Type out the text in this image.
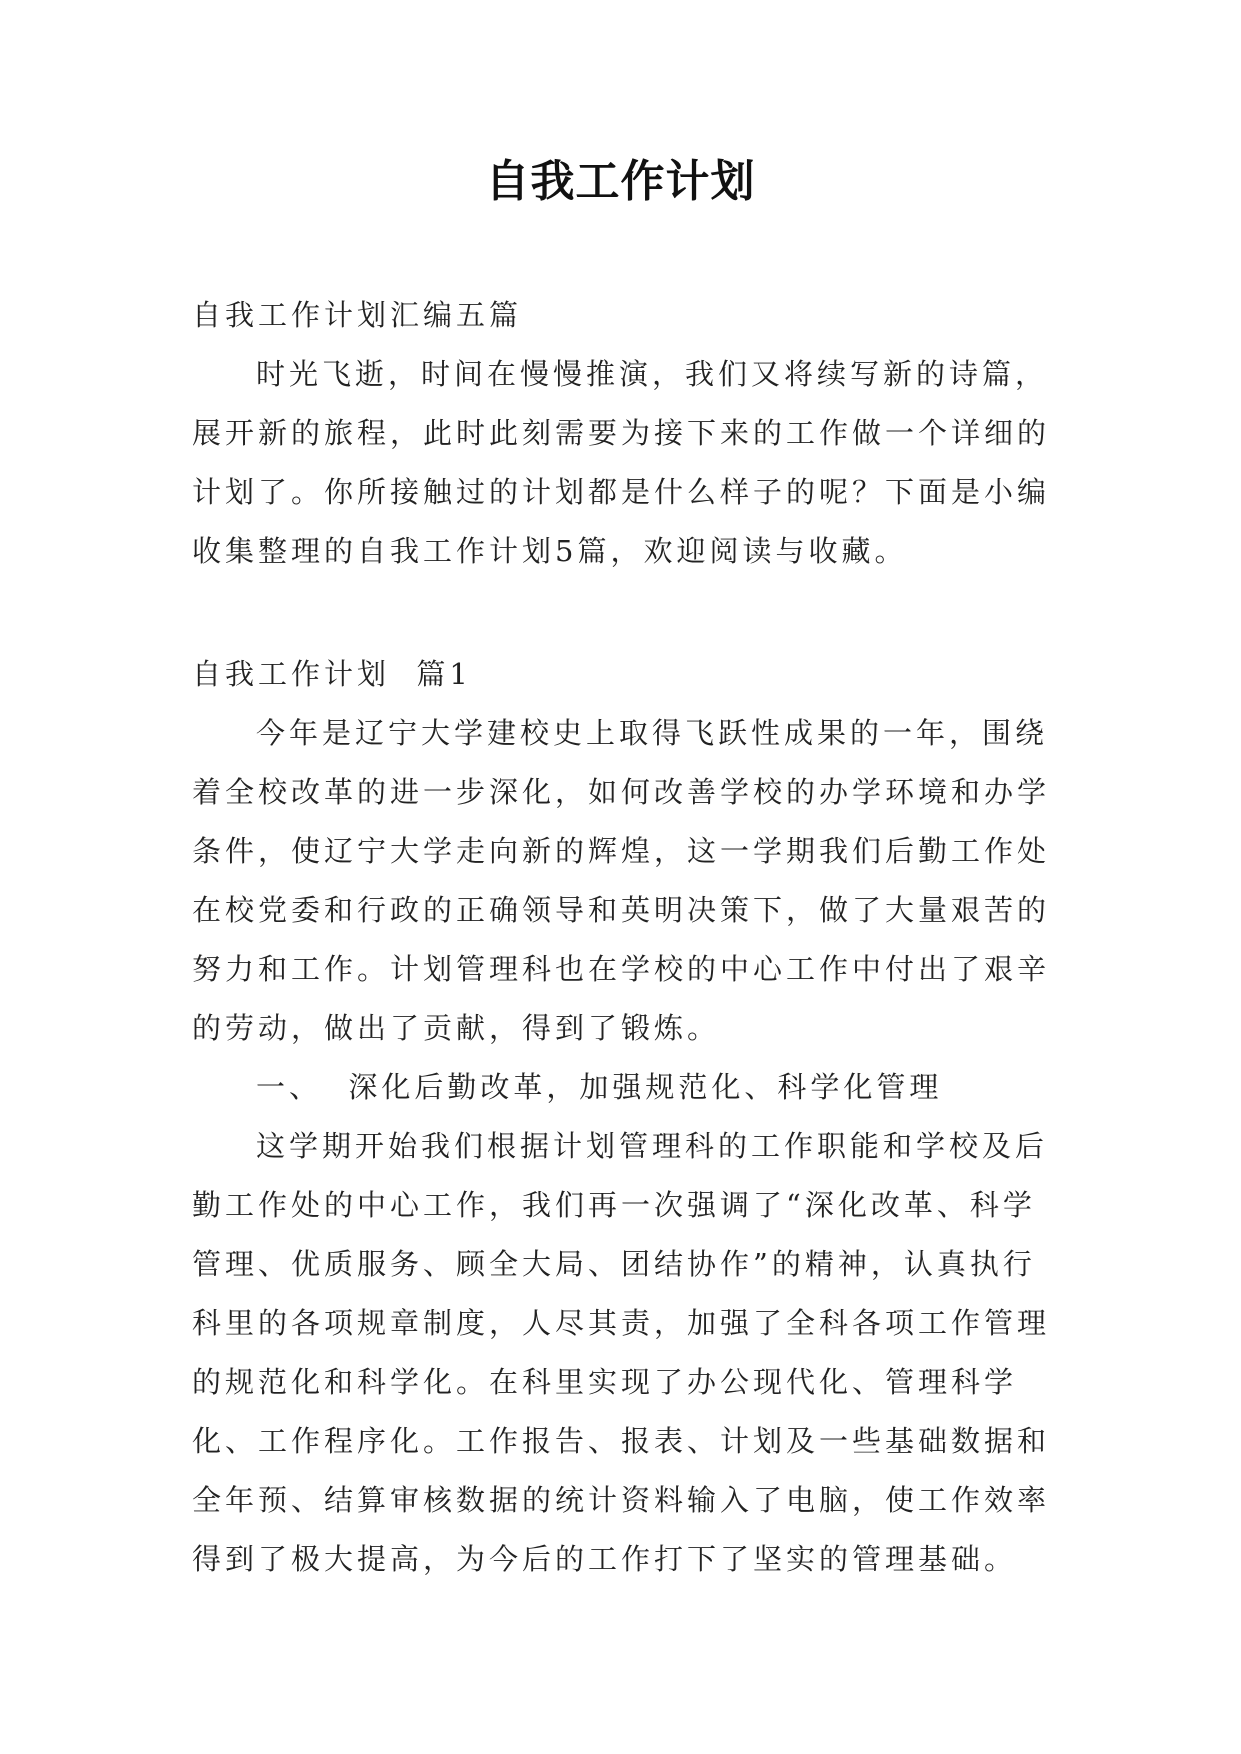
自我工作计划

自我工作计划汇编五篇

时光飞逝，时间在慢慢推演，我们又将续写新的诗篇，展开新的旅程，此时此刻需要为接下来的工作做一个详细的计划了。你所接触过的计划都是什么样子的呢？下面是小编收集整理的自我工作计划5篇，欢迎阅读与收藏。

自我工作计划  篇1

今年是辽宁大学建校史上取得飞跃性成果的一年，围绕着全校改革的进一步深化，如何改善学校的办学环境和办学条件，使辽宁大学走向新的辉煌，这一学期我们后勤工作处在校党委和行政的正确领导和英明决策下，做了大量艰苦的努力和工作。计划管理科也在学校的中心工作中付出了艰辛的劳动，做出了贡献，得到了锻炼。

一、  深化后勤改革，加强规范化、科学化管理

这学期开始我们根据计划管理科的工作职能和学校及后勤工作处的中心工作，我们再一次强调了“深化改革、科学管理、优质服务、顾全大局、团结协作”的精神，认真执行科里的各项规章制度，人尽其责，加强了全科各项工作管理的规范化和科学化。在科里实现了办公现代化、管理科学化、工作程序化。工作报告、报表、计划及一些基础数据和全年预、结算审核数据的统计资料输入了电脑，使工作效率得到了极大提高，为今后的工作打下了坚实的管理基础。
